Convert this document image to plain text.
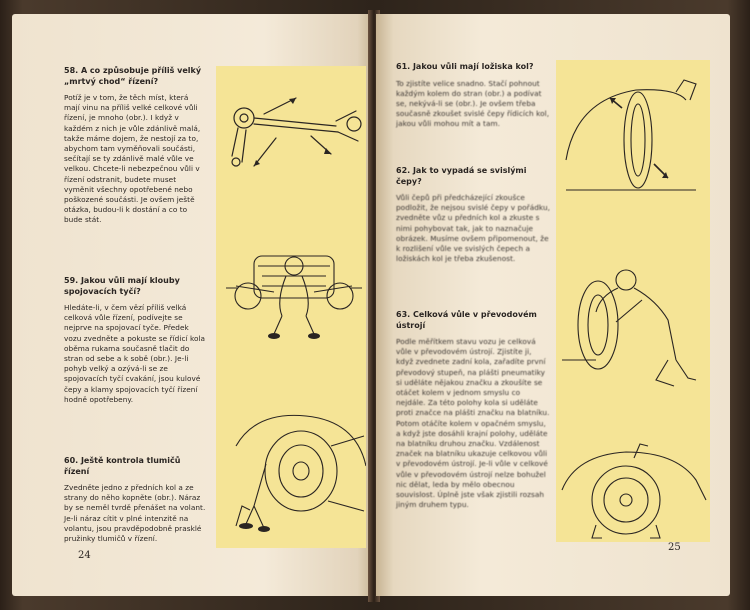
58. A co způsobuje příliš velký „mrtvý chod“ řízení?
Potíž je v tom, že těch míst, která mají vinu na příliš velké celkové vůli řízení, je mnoho (obr.). I když v každém z nich je vůle zdánlivě malá, takže máme dojem, že nestojí za to, abychom tam vyměňovali součásti, sečítají se ty zdánlivě malé vůle ve velkou. Chcete-li nebezpečnou vůli v řízení odstranit, budete muset vyměnit všechny opotřebené nebo poškozené součásti. Je ovšem ještě otázka, budou-li k dostání a co to bude stát.
59. Jakou vůli mají klouby spojovacích tyčí?
Hledáte-li, v čem vězí příliš velká celková vůle řízení, podívejte se nejprve na spojovací tyče. Předek vozu zvedněte a pokuste se řídicí kola oběma rukama současně tlačit do stran od sebe a k sobě (obr.). Je-li pohyb velký a ozývá-li se ze spojovacích tyčí cvakání, jsou kulové čepy a klamy spojovacích tyčí řízení hodně opotřebeny.
60. Ještě kontrola tlumičů řízení
Zvedněte jedno z předních kol a ze strany do něho kopněte (obr.). Náraz by se neměl tvrdě přenášet na volant. Je-li náraz cítit v plné intenzitě na volantu, jsou pravděpodobně prasklé pružinky tlumičů v řízení.
24
61. Jakou vůli mají ložiska kol?
To zjistíte velice snadno. Stačí pohnout každým kolem do stran (obr.) a podívat se, nekývá-li se (obr.). Je ovšem třeba současně zkoušet svislé čepy řídicích kol, jakou vůli mohou mít a tam.
62. Jak to vypadá se svislými čepy?
Vůli čepů při předcházející zkoušce podložit, že nejsou svislé čepy v pořádku, zvedněte vůz u předních kol a zkuste s nimi pohybovat tak, jak to naznačuje obrázek. Musíme ovšem připomenout, že k rozlišení vůle ve svislých čepech a ložiskách kol je třeba zkušenost.
63. Celková vůle v převodovém ústrojí
Podle měřítkem stavu vozu je celková vůle v převodovém ústrojí. Zjistíte ji, když zvednete zadní kola, zařadíte první převodový stupeň, na plášti pneumatiky si uděláte nějakou značku a zkoušíte se otáčet kolem v jednom smyslu co nejdále. Za této polohy kola si uděláte proti značce na plášti značku na blatníku. Potom otáčíte kolem v opačném smyslu, a když jste dosáhli krajní polohy, uděláte na blatníku druhou značku. Vzdálenost značek na blatníku ukazuje celkovou vůli v převodovém ústrojí. Je-li vůle v celkové vůle v převodovém ústrojí nelze bohužel nic dělat, leda by mělo obecnou souvislost. Úplně jste však zjistili rozsah jiným druhem typu.
25
